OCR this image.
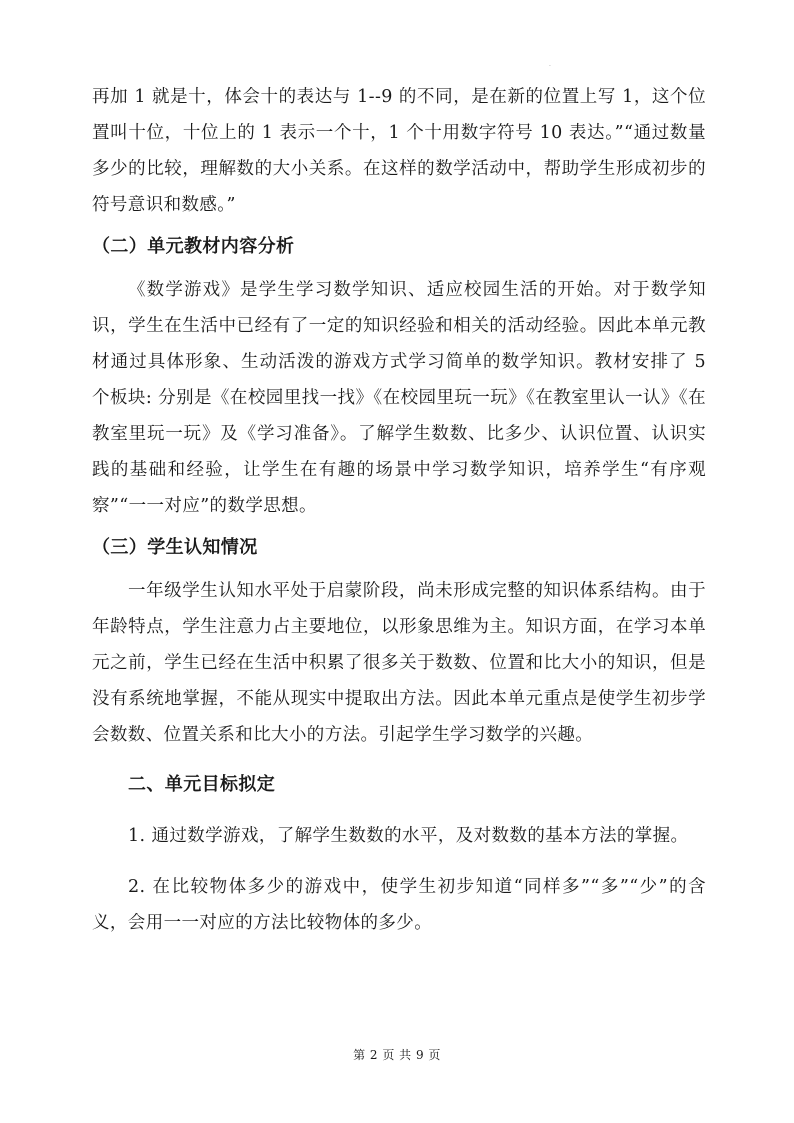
.

再加 1 就是十，体会十的表达与 1--9 的不同，是在新的位置上写 1，这个位置叫十位，十位上的 1 表示一个十，1 个十用数字符号 10 表达。”“通过数量多少的比较，理解数的大小关系。在这样的数学活动中，帮助学生形成初步的符号意识和数感。”

（二）单元教材内容分析

《数学游戏》是学生学习数学知识、适应校园生活的开始。对于数学知识，学生在生活中已经有了一定的知识经验和相关的活动经验。因此本单元教材通过具体形象、生动活泼的游戏方式学习简单的数学知识。教材安排了 5 个板块: 分别是《在校园里找一找》《在校园里玩一玩》《在教室里认一认》《在教室里玩一玩》及《学习准备》。了解学生数数、比多少、认识位置、认识实践的基础和经验，让学生在有趣的场景中学习数学知识，培养学生“有序观察”“一一对应”的数学思想。

（三）学生认知情况

一年级学生认知水平处于启蒙阶段，尚未形成完整的知识体系结构。由于年龄特点，学生注意力占主要地位，以形象思维为主。知识方面，在学习本单元之前，学生已经在生活中积累了很多关于数数、位置和比大小的知识，但是没有系统地掌握，不能从现实中提取出方法。因此本单元重点是使学生初步学会数数、位置关系和比大小的方法。引起学生学习数学的兴趣。

二、单元目标拟定

1. 通过数学游戏，了解学生数数的水平，及对数数的基本方法的掌握。

2. 在比较物体多少的游戏中，使学生初步知道“同样多”“多”“少”的含义，会用一一对应的方法比较物体的多少。

第 2 页 共 9 页
